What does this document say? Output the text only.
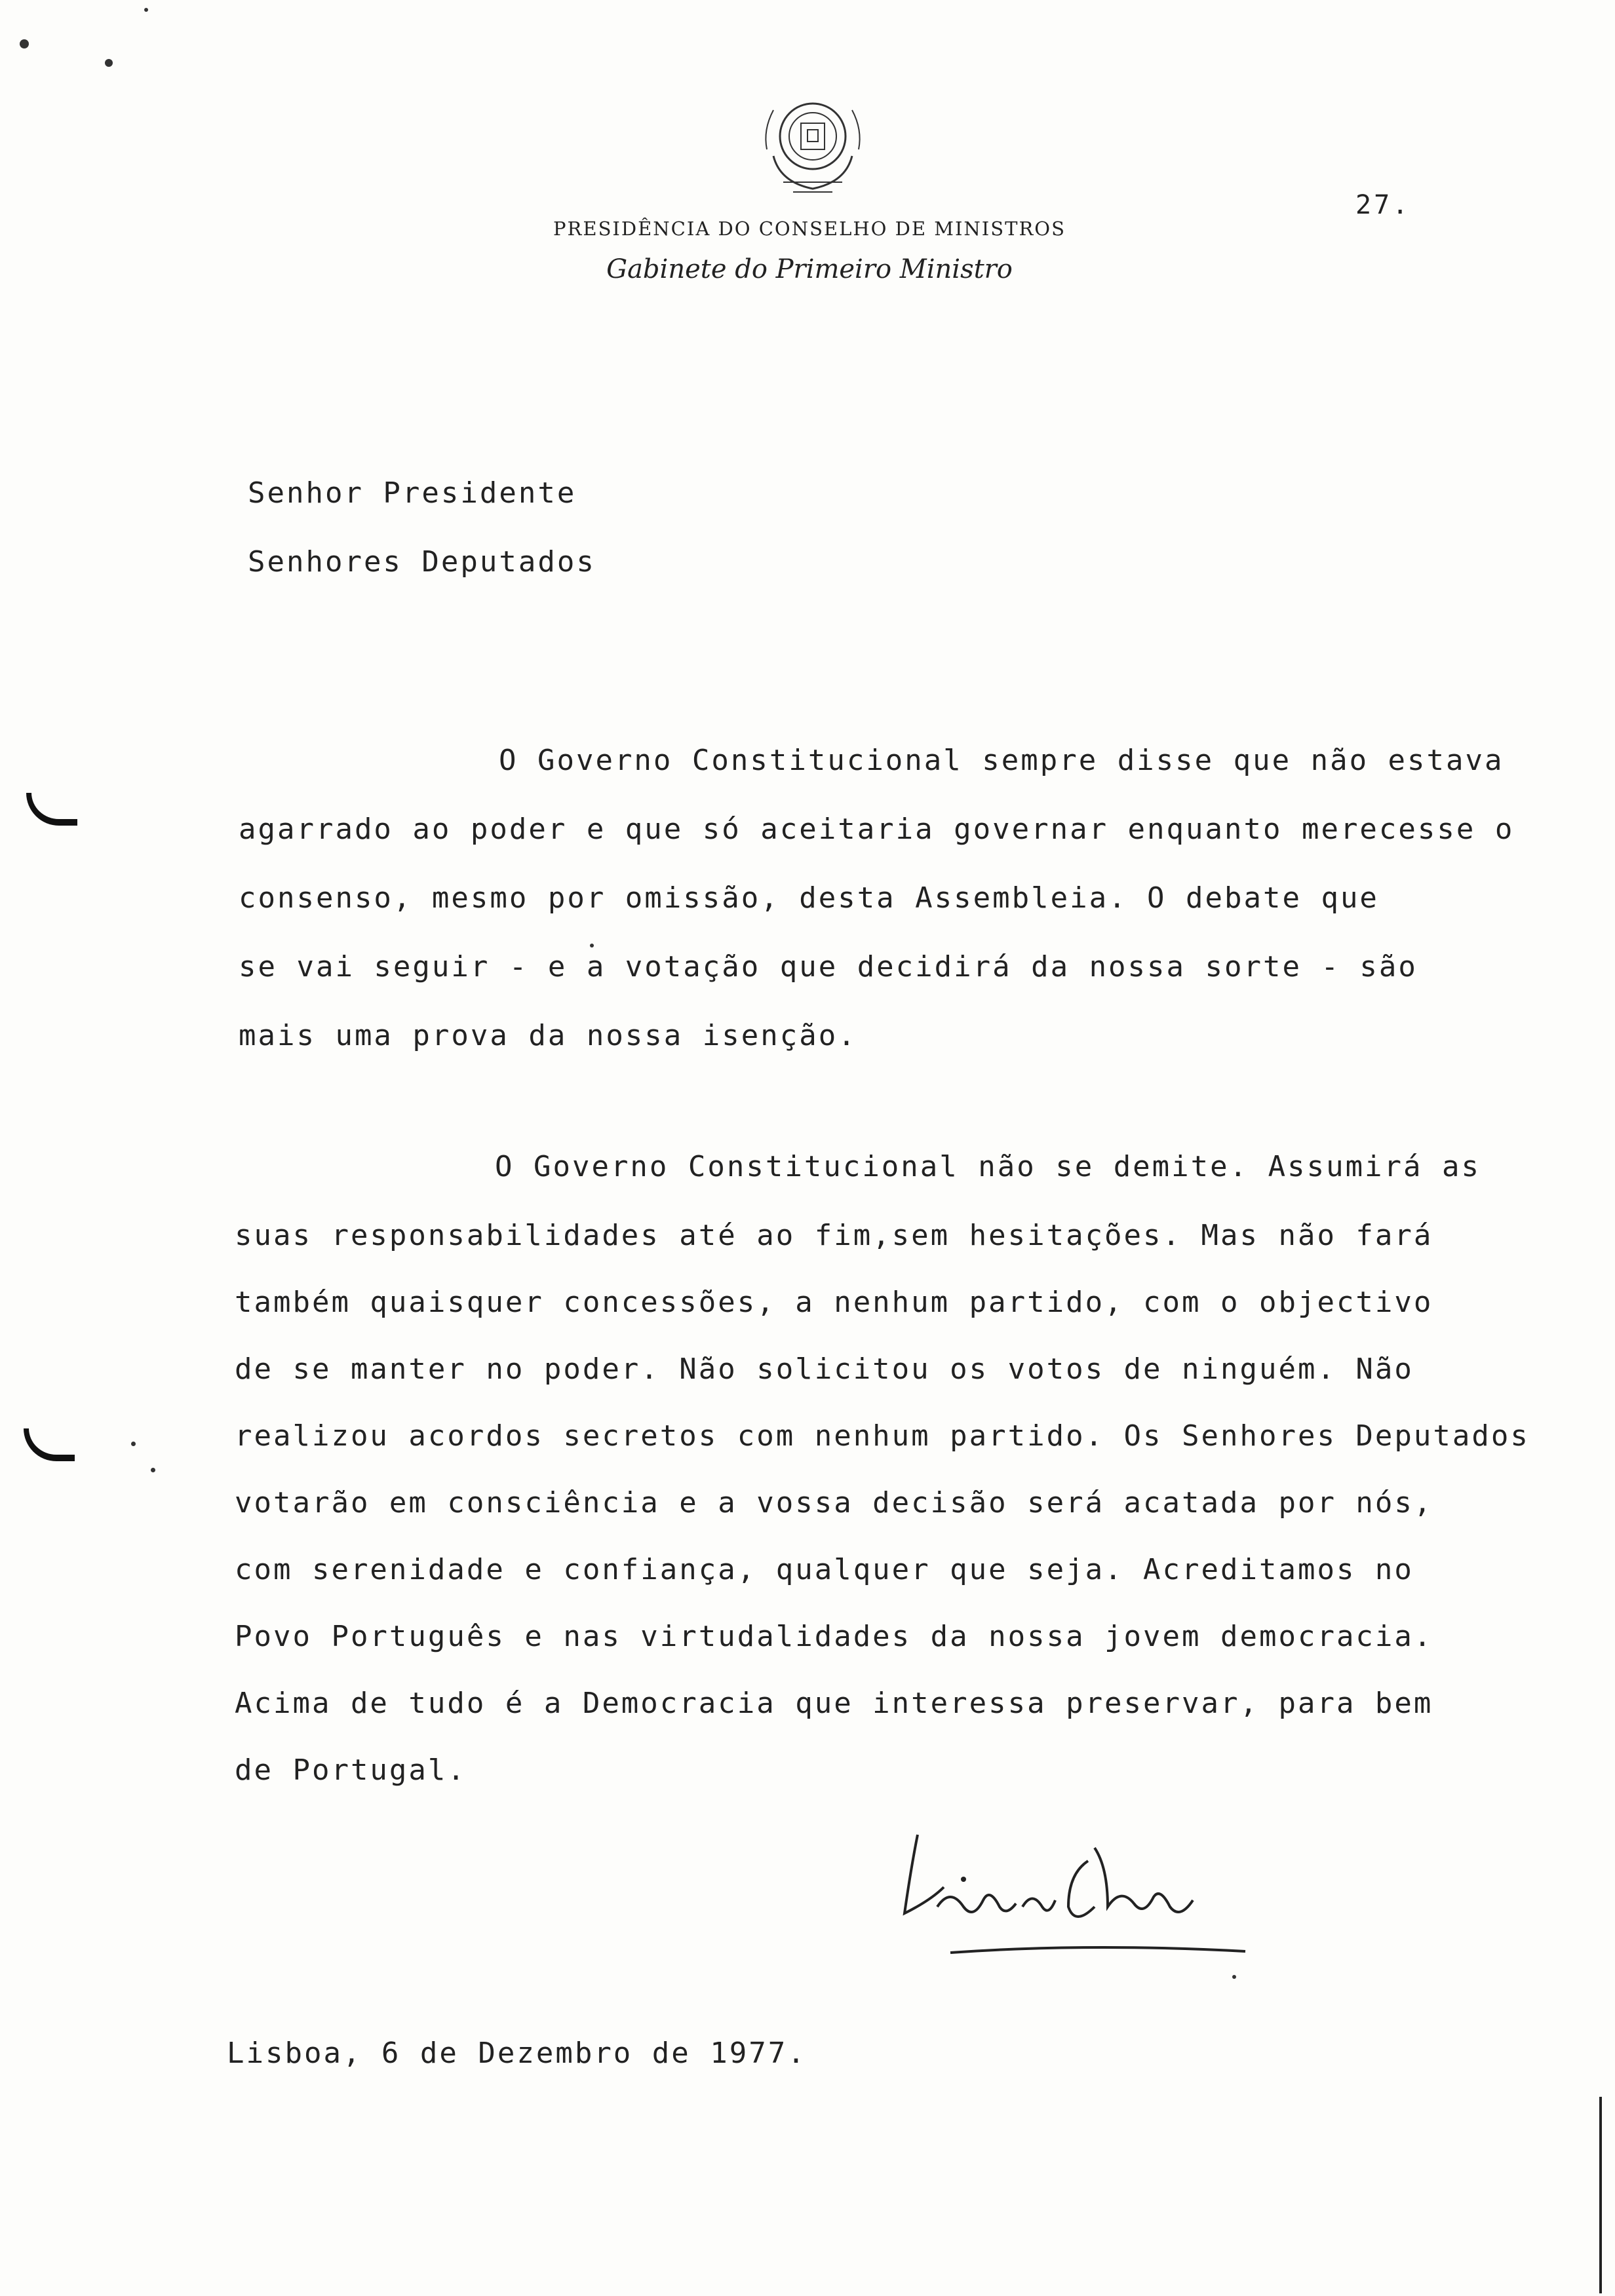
27.
PRESIDÊNCIA DO CONSELHO DE MINISTROS
Gabinete do Primeiro Ministro
Senhor Presidente
Senhores Deputados
O Governo Constitucional sempre disse que não estava
agarrado ao poder e que só aceitaria governar enquanto merecesse o
consenso, mesmo por omissão, desta Assembleia. O debate que
se vai seguir - e a votação que decidirá da nossa sorte - são
mais uma prova da nossa isenção.
O Governo Constitucional não se demite. Assumirá as
suas responsabilidades até ao fim,sem hesitações. Mas não fará
também quaisquer concessões, a nenhum partido, com o objectivo
de se manter no poder. Não solicitou os votos de ninguém. Não
realizou acordos secretos com nenhum partido. Os Senhores Deputados
votarão em consciência e a vossa decisão será acatada por nós,
com serenidade e confiança, qualquer que seja. Acreditamos no
Povo Português e nas virtudalidades da nossa jovem democracia.
Acima de tudo é a Democracia que interessa preservar, para bem
de Portugal.
Lisboa, 6 de Dezembro de 1977.
